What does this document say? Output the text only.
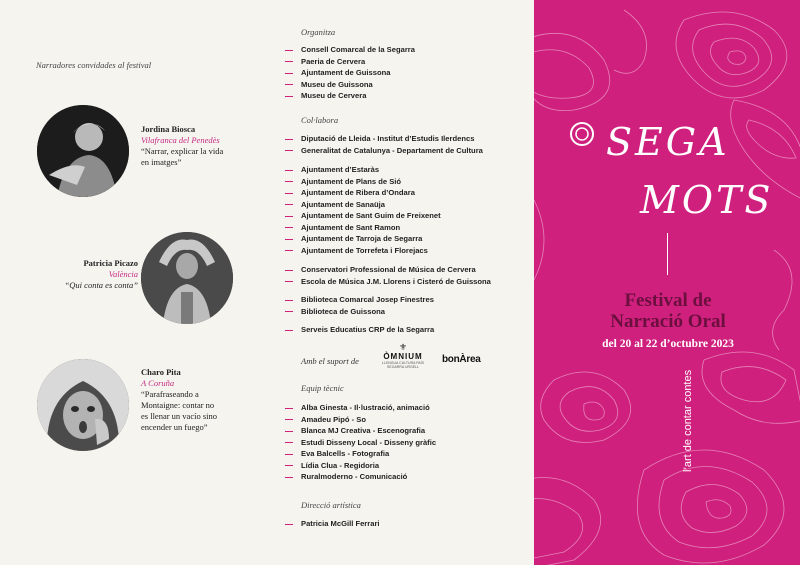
Narradores convidades al festival
Jordina Biosca
Vilafranca del Penedès
“Narrar, explicar la vida
en imatges”
Patricia Picazo
València
“Qui conta es conta”
Charo Pita
A Coruña
“Parafraseando a
Montaigne: contar no
es llenar un vacío sino
encender un fuego”
Organitza
Consell Comarcal de la Segarra
Paeria de Cervera
Ajuntament de Guissona
Museu de Guissona
Museu de Cervera
Col·labora
Diputació de Lleida - Institut d’Estudis Ilerdencs
Generalitat de Catalunya - Departament de Cultura
Ajuntament d’Estaràs
Ajuntament de Plans de Sió
Ajuntament de Ribera d’Ondara
Ajuntament de Sanaüja
Ajuntament de Sant Guim de Freixenet
Ajuntament de Sant Ramon
Ajuntament de Tarroja de Segarra
Ajuntament de Torrefeta i Florejacs
Conservatori Professional de Música de Cervera
Escola de Música J.M. Llorens i Cisteró de Guissona
Biblioteca Comarcal Josep Finestres
Biblioteca de Guissona
Serveis Educatius CRP de la Segarra
Amb el suport de
⚜
ÒMNIUM
LLENGUA CULTURA PAÍS
SEGARRA URGELL
bonÀrea
Equip tècnic
Alba Ginesta - Il·lustració, animació
Amadeu Pipó - So
Blanca MJ Creativa - Escenografia
Estudi Disseny Local - Disseny gràfic
Eva Balcells - Fotografia
Lídia Clua - Regidoria
Ruralmoderno - Comunicació
Direcció artística
Patricia McGill Ferrari
SEGA
MOTS
Festival de
Narració Oral
del 20 al 22 d’octubre 2023
l’art de contar contes
